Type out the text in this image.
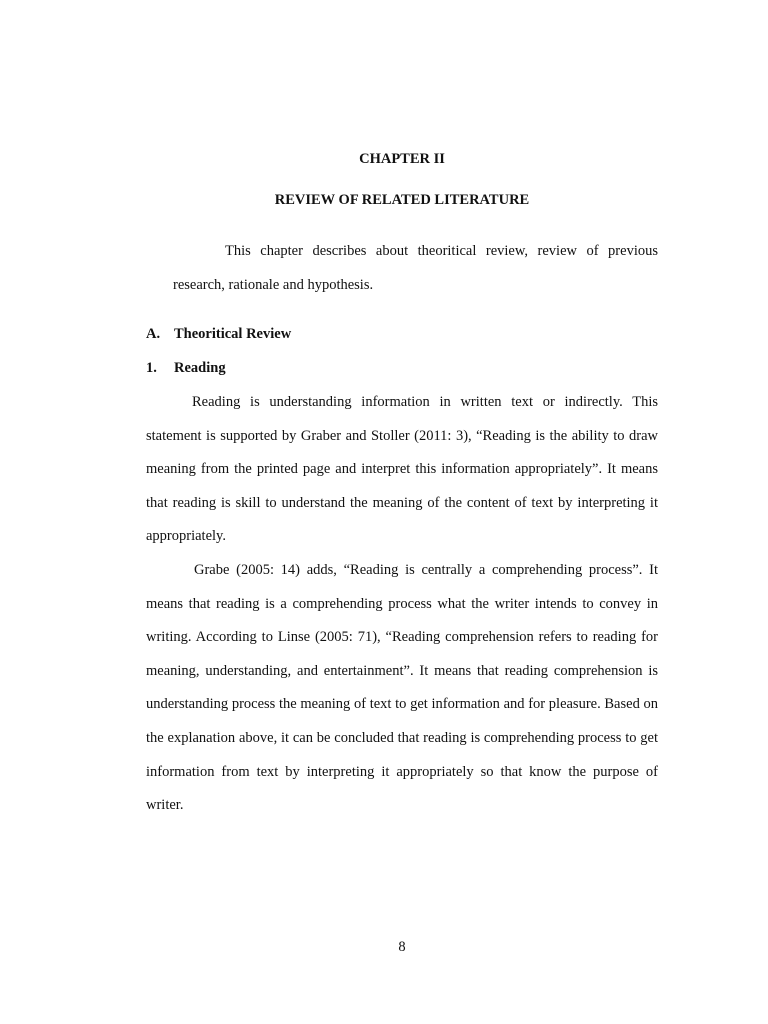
CHAPTER II
REVIEW OF RELATED LITERATURE

This chapter describes about theoritical review, review of previous research, rationale and hypothesis.

A. Theoritical Review
1. Reading

Reading is understanding information in written text or indirectly. This statement is supported by Graber and Stoller (2011: 3), “Reading is the ability to draw meaning from the printed page and interpret this information appropriately”. It means that reading is skill to understand the meaning of the content of text by interpreting it appropriately.

Grabe (2005: 14) adds, “Reading is centrally a comprehending process”. It means that reading is a comprehending process what the writer intends to convey in writing. According to Linse (2005: 71), “Reading comprehension refers to reading for meaning, understanding, and entertainment”. It means that reading comprehension is understanding process the meaning of text to get information and for pleasure. Based on the explanation above, it can be concluded that reading is comprehending process to get information from text by interpreting it appropriately so that know the purpose of writer.

8
